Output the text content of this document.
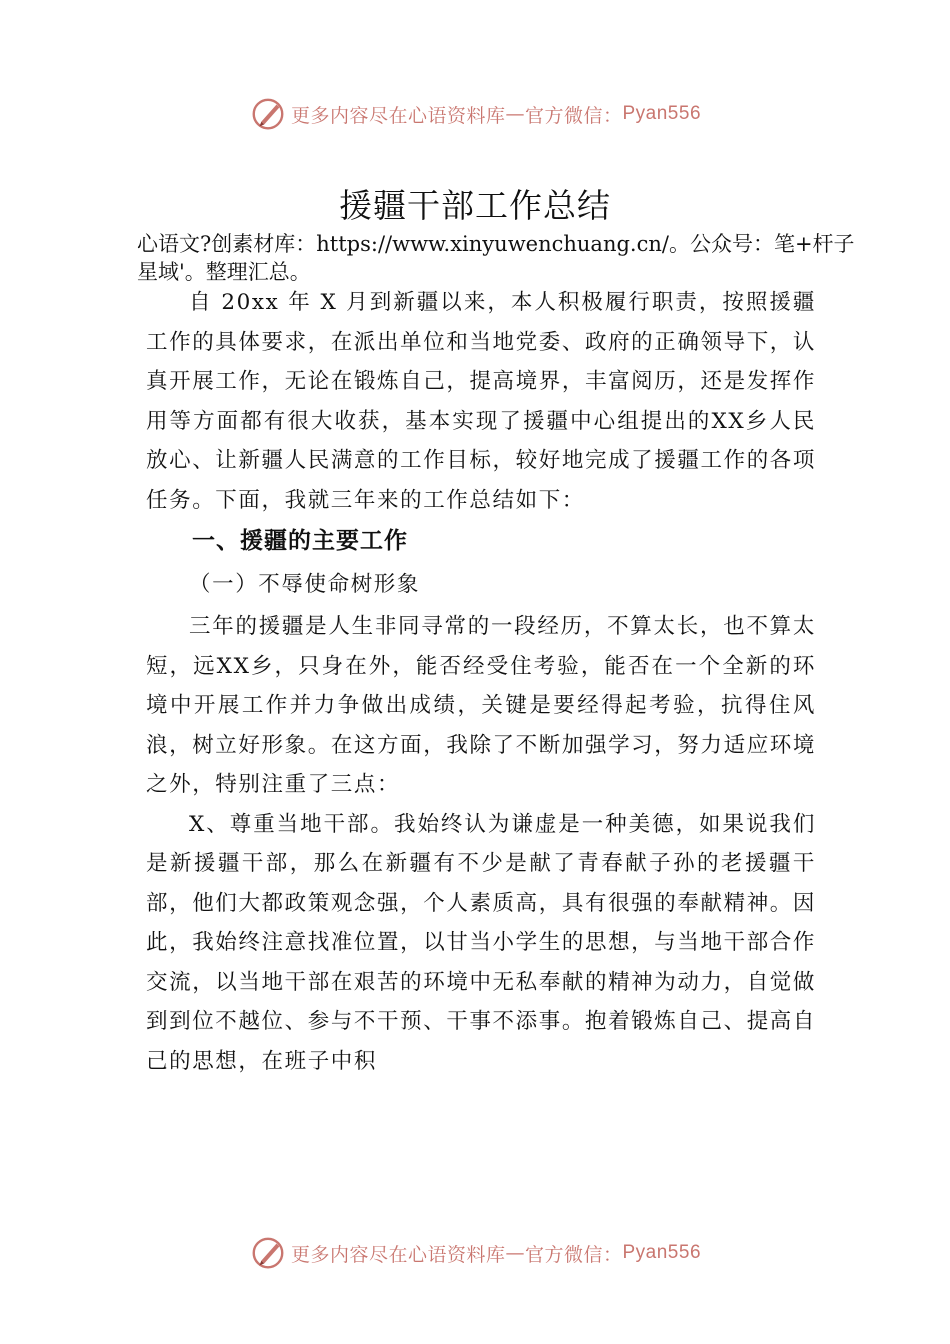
更多内容尽在心语资料库 — 官方微信： Pyan556
援疆干部工作总结

心语文?创素材库：https://www.xinyuwenchuang.cn/。公众号：笔+杆子星域'。整理汇总。

自 20xx 年 X 月到新疆以来，本人积极履行职责，按照援疆工作的具体要求，在派出单位和当地党委、政府的正确领导下，认真开展工作，无论在锻炼自己，提高境界，丰富阅历，还是发挥作用等方面都有很大收获，基本实现了援疆中心组提出的XX乡人民放心、让新疆人民满意的工作目标，较好地完成了援疆工作的各项任务。下面，我就三年来的工作总结如下：

一、援疆的主要工作
（一）不辱使命树形象

三年的援疆是人生非同寻常的一段经历，不算太长，也不算太短，远XX乡，只身在外，能否经受住考验，能否在一个全新的环境中开展工作并力争做出成绩，关键是要经得起考验，抗得住风浪，树立好形象。在这方面，我除了不断加强学习，努力适应环境之外，特别注重了三点：

X、尊重当地干部。我始终认为谦虚是一种美德，如果说我们是新援疆干部，那么在新疆有不少是献了青春献子孙的老援疆干部，他们大都政策观念强，个人素质高，具有很强的奉献精神。因此，我始终注意找准位置，以甘当小学生的思想，与当地干部合作交流，以当地干部在艰苦的环境中无私奉献的精神为动力，自觉做到到位不越位、参与不干预、干事不添事。抱着锻炼自己、提高自己的思想，在班子中积

更多内容尽在心语资料库 — 官方微信： Pyan556
